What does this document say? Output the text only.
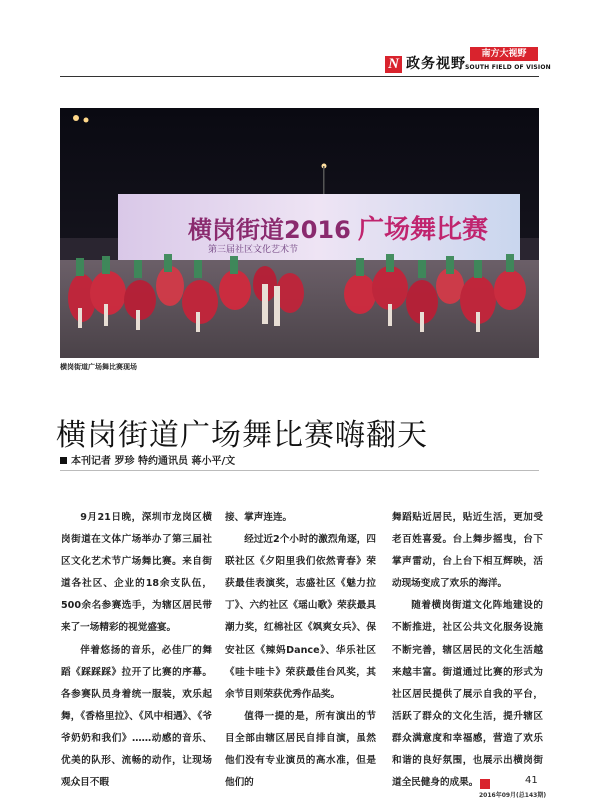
N 政务视野
南方大视野
SOUTH FIELD OF VISION
横岗街道2016
第三届社区文化艺术节
广场舞比赛
横岗街道广场舞比赛现场
横岗街道广场舞比赛嗨翻天
本刊记者 罗珍 特约通讯员 蒋小平/文

9月21日晚，深圳市龙岗区横岗街道在文体广场举办了第三届社区文化艺术节广场舞比赛。来自街道各社区、企业的18余支队伍，500余名参赛选手，为辖区居民带来了一场精彩的视觉盛宴。

伴着悠扬的音乐，必佳厂的舞蹈《踩踩踩》拉开了比赛的序幕。各参赛队员身着统一服装，欢乐起舞，《香格里拉》、《风中相遇》、《爷爷奶奶和我们》……动感的音乐、优美的队形、流畅的动作，让现场观众目不暇

接、掌声连连。

经过近2个小时的激烈角逐，四联社区《夕阳里我们依然青春》荣获最佳表演奖，志盛社区《魅力拉丁》、六约社区《瑶山歌》荣获最具潮力奖，红棉社区《飒爽女兵》、保安社区《辣妈Dance》、华乐社区《哇卡哇卡》荣获最佳台风奖，其余节目则荣获优秀作品奖。

值得一提的是，所有演出的节目全部由辖区居民自排自演，虽然他们没有专业演员的高水准，但是他们的

舞蹈贴近居民，贴近生活，更加受老百姓喜爱。台上舞步摇曳，台下掌声雷动，台上台下相互辉映，活动现场变成了欢乐的海洋。

随着横岗街道文化阵地建设的不断推进，社区公共文化服务设施不断完善，辖区居民的文化生活越来越丰富。街道通过比赛的形式为社区居民提供了展示自我的平台，活跃了群众的文化生活，提升辖区群众满意度和幸福感，营造了欢乐和谐的良好氛围，也展示出横岗街道全民健身的成果。	N	41
2016年09月(总143期)
